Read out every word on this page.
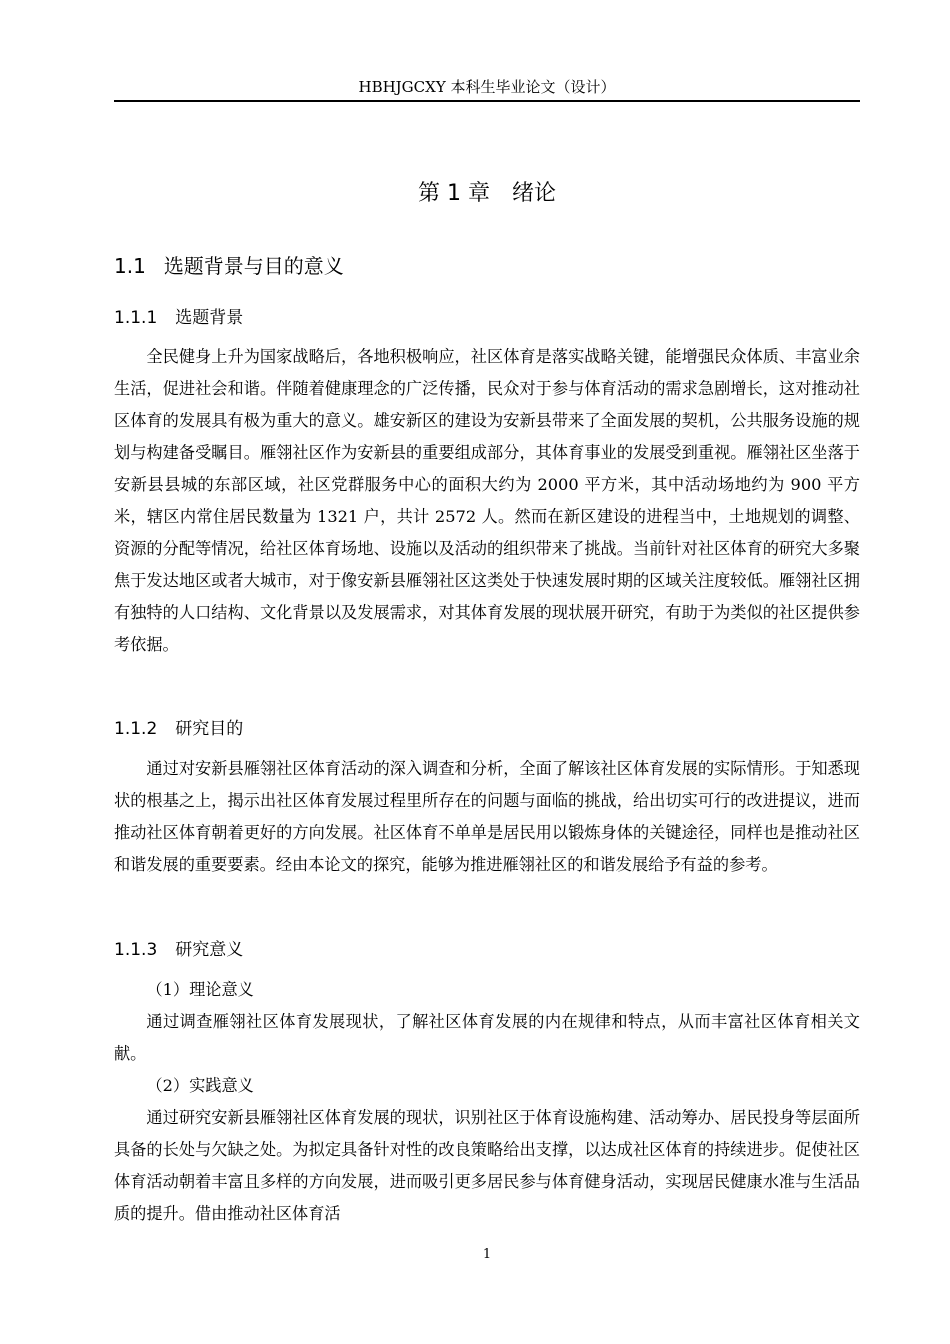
HBHJGCXY 本科生毕业论文（设计）
第 1 章　绪论
1.1 选题背景与目的意义
1.1.1 选题背景

全民健身上升为国家战略后，各地积极响应，社区体育是落实战略关键，能增强民众体质、丰富业余生活，促进社会和谐。伴随着健康理念的广泛传播，民众对于参与体育活动的需求急剧增长，这对推动社区体育的发展具有极为重大的意义。雄安新区的建设为安新县带来了全面发展的契机，公共服务设施的规划与构建备受瞩目。雁翎社区作为安新县的重要组成部分，其体育事业的发展受到重视。雁翎社区坐落于安新县县城的东部区域，社区党群服务中心的面积大约为 2000 平方米，其中活动场地约为 900 平方米，辖区内常住居民数量为 1321 户，共计 2572 人。然而在新区建设的进程当中，土地规划的调整、资源的分配等情况，给社区体育场地、设施以及活动的组织带来了挑战。当前针对社区体育的研究大多聚焦于发达地区或者大城市，对于像安新县雁翎社区这类处于快速发展时期的区域关注度较低。雁翎社区拥有独特的人口结构、文化背景以及发展需求，对其体育发展的现状展开研究，有助于为类似的社区提供参考依据。

1.1.2 研究目的

通过对安新县雁翎社区体育活动的深入调查和分析，全面了解该社区体育发展的实际情形。于知悉现状的根基之上，揭示出社区体育发展过程里所存在的问题与面临的挑战，给出切实可行的改进提议，进而推动社区体育朝着更好的方向发展。社区体育不单单是居民用以锻炼身体的关键途径，同样也是推动社区和谐发展的重要要素。经由本论文的探究，能够为推进雁翎社区的和谐发展给予有益的参考。

1.1.3 研究意义

（1）理论意义

通过调查雁翎社区体育发展现状，了解社区体育发展的内在规律和特点，从而丰富社区体育相关文献。

（2）实践意义

通过研究安新县雁翎社区体育发展的现状，识别社区于体育设施构建、活动筹办、居民投身等层面所具备的长处与欠缺之处。为拟定具备针对性的改良策略给出支撑，以达成社区体育的持续进步。促使社区体育活动朝着丰富且多样的方向发展，进而吸引更多居民参与体育健身活动，实现居民健康水准与生活品质的提升。借由推动社区体育活

1
